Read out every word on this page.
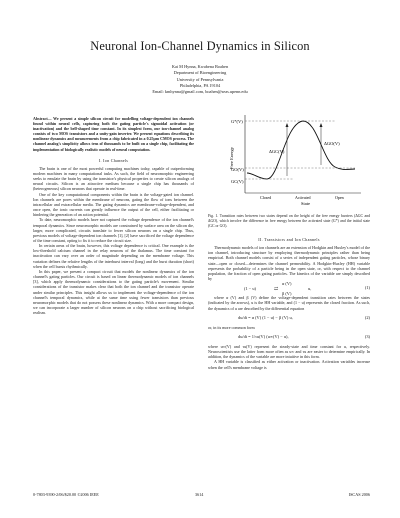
Neuronal Ion-Channel Dynamics in Silicon
Kai M Hynna, Kwabena Boahen
Department of Bioengineering
University of Pennsylvania
Philadelphia, PA 19104
Email: kmhynna@gmail.com, boahen@seas.upenn.edu
Abstract— We present a simple silicon circuit for modelling voltage-dependent ion channels found within neural cells, capturing both the gating particle's sigmoidal activation (or inactivation) and the bell-shaped time constant. In its simplest form, our ion-channel analog consists of two MOS transistors and a unity-gain inverter. We present equations describing its nonlinear dynamics and measurements from a chip fabricated in a 0.25μm CMOS process. The channel analog's simplicity allows tens of thousands to be built on a single chip, facilitating the implementation of biologically realistic models of neural computation.
I. Ion Channels

The brain is one of the most powerful computing machines today, capable of outperforming modern machines in many computational tasks. As such, the field of neuromorphic engineering seeks to emulate the brain by using the transistor's physical properties to create silicon analogs of neural circuits. Silicon is an attractive medium because a single chip has thousands of (heterogeneous) silicon neurons that operate in real-time.

One of the key computational components within the brain is the voltage-gated ion channel. Ion channels are pores within the membrane of neurons, gating the flow of ions between the intracellular and extracellular media. The gating dynamics are membrane-voltage-dependent, and once open, the ionic currents can greatly influence the output of the cell, either facilitating or hindering the generation of an action potential.

To date, neuromorphic models have not captured the voltage dependence of the ion channel's temporal dynamics. Since neuromorphic models are constrained by surface area on the silicon die, larger, more complicated, circuits translate to fewer silicon neurons on a single chip. Thus, previous models of voltage-dependent ion channels [1], [2] have sacrificed the voltage dependence of the time constant, opting to fix it to reduce the circuit size.

In certain areas of the brain, however, this voltage dependence is critical. One example is the low-threshold calcium channel in the relay neurons of the thalamus. The time constant for inactivation can vary over an order of magnitude depending on the membrane voltage. This variation defines the relative lengths of the interburst interval (long) and the burst duration (short) when the cell bursts rhythmically.

In this paper, we present a compact circuit that models the nonlinear dynamics of the ion channel's gating particles. Our circuit is based on linear thermodynamic models of ion channels [3], which apply thermodynamic considerations to the gating particle's movement. Similar considerations of the transistor makes clear that both the ion channel and the transistor operate under similar principles. This insight allows us to implement the voltage-dependence of the ion channel's temporal dynamics, while at the same time using fewer transistors than previous neuromorphic models that do not possess these nonlinear dynamics. With a more compact design, we can incorporate a larger number of silicon neurons on a chip without sacrificing biological realism.

G*(V)
GO(V)
GC(V)
ΔGC(V)
ΔGO(V)
Free Energy
Closed	Activated	Open
State
Fig. 1. Transition rates between two states depend on the height of the free energy barriers (ΔGC and ΔGO), which involve the difference in free energy between the activated state (G*) and the initial state (GC or GO).
II. Transistors and Ion Channels

Thermodynamic models of ion channels are an extension of Hodgkin and Huxley's model of the ion channel, introducing structure by employing thermodynamic principles rather than being empirical. Both channel models consist of a series of independent gating particles, whose binary state—open or closed—determines the channel permeability. A Hodgkin-Huxley (HH) variable represents the probability of a particle being in the open state, or, with respect to the channel population, the fraction of open gating particles. The kinetics of the variable are simply described by

(1 − u)
α (V)
⇄
β (V)
u,	(1)

where α (V) and β (V) define the voltage-dependent transition rates between the states (indicated by the arrows), u is the HH variable, and (1 − u) represents the closed fraction. As such, the dynamics of u are described by the differential equation

du/dt = α (V) (1 − u) − β (V) u,	(2)

or, in its more common form

du/dt = 1/τu(V) (u∞(V) − u),	(3)

where u∞(V) and τu(V) represent the steady-state and time constant for u, respectively. Neuroscientists use the latter form more often as u∞ and τu are easier to determine empirically. In addition, the dynamics of the variable are more intuitive in this form.

A HH variable is classified as either activation or inactivation. Activation variables increase when the cell's membrane voltage is

0-7803-9390-2/06/$20.00 ©2006 IEEE	3614	ISCAS 2006
